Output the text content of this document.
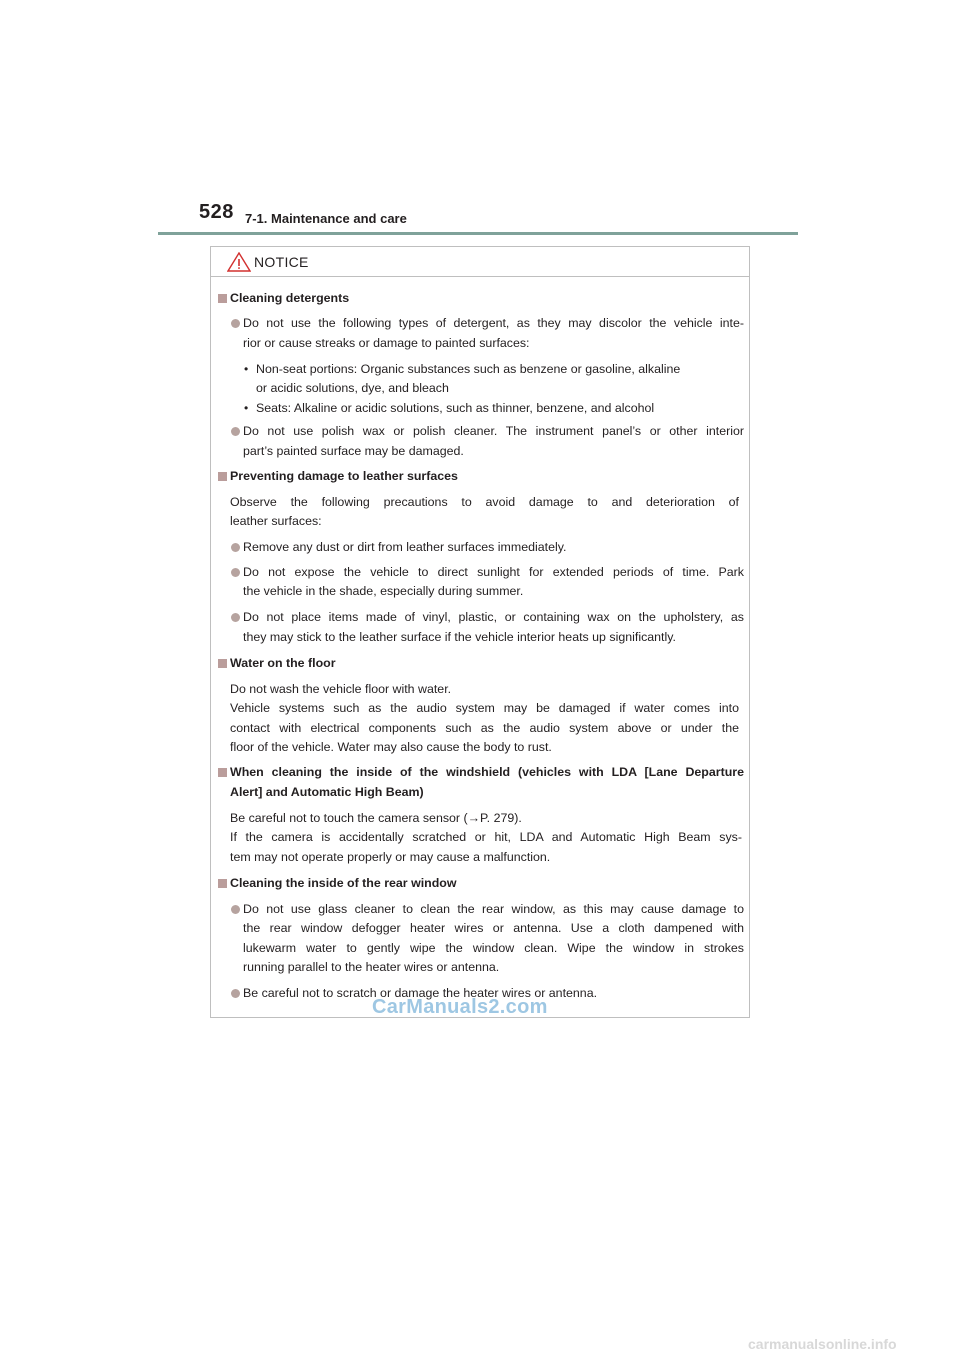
528 7-1. Maintenance and care
NOTICE
Cleaning detergents
Do not use the following types of detergent, as they may discolor the vehicle inte-
rior or cause streaks or damage to painted surfaces:
• Non-seat portions: Organic substances such as benzene or gasoline, alkaline
or acidic solutions, dye, and bleach
• Seats: Alkaline or acidic solutions, such as thinner, benzene, and alcohol
Do not use polish wax or polish cleaner. The instrument panel’s or other interior
part’s painted surface may be damaged.
Preventing damage to leather surfaces
Observe the following precautions to avoid damage to and deterioration of
leather surfaces:
Remove any dust or dirt from leather surfaces immediately.
Do not expose the vehicle to direct sunlight for extended periods of time. Park
the vehicle in the shade, especially during summer.
Do not place items made of vinyl, plastic, or containing wax on the upholstery, as
they may stick to the leather surface if the vehicle interior heats up significantly.
Water on the floor
Do not wash the vehicle floor with water.
Vehicle systems such as the audio system may be damaged if water comes into
contact with electrical components such as the audio system above or under the
floor of the vehicle. Water may also cause the body to rust.
When cleaning the inside of the windshield (vehicles with LDA [Lane Departure
Alert] and Automatic High Beam)
Be careful not to touch the camera sensor (→P. 279).
If the camera is accidentally scratched or hit, LDA and Automatic High Beam sys-
tem may not operate properly or may cause a malfunction.
Cleaning the inside of the rear window
Do not use glass cleaner to clean the rear window, as this may cause damage to
the rear window defogger heater wires or antenna. Use a cloth dampened with
lukewarm water to gently wipe the window clean. Wipe the window in strokes
running parallel to the heater wires or antenna.
Be careful not to scratch or damage the heater wires or antenna.
CarManuals2.com
carmanualsonline.info
